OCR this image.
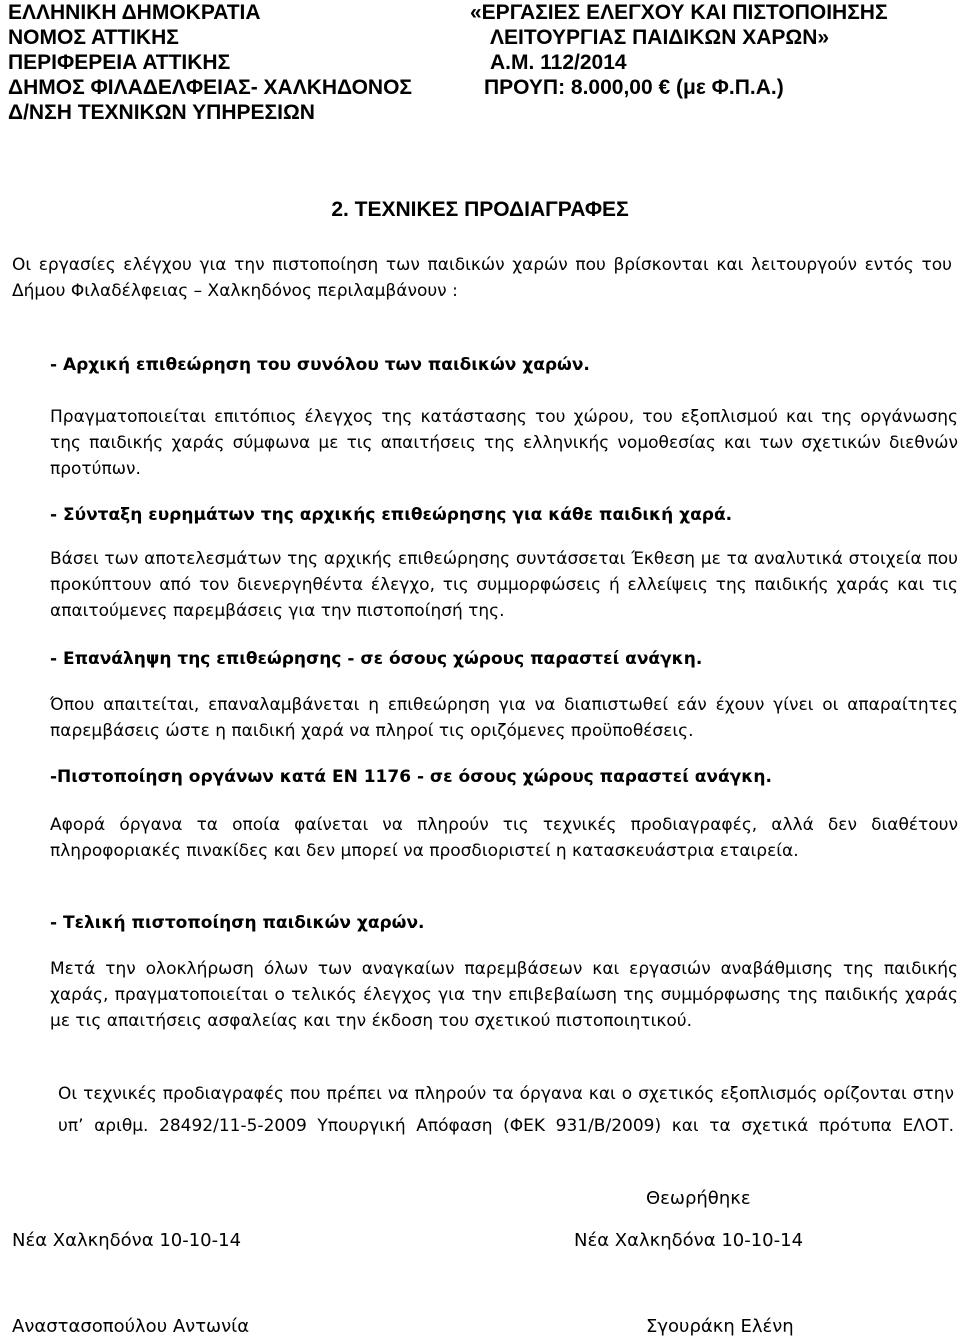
ΕΛΛΗΝΙΚΗ ΔΗΜΟΚΡΑΤΙΑ
ΝΟΜΟΣ ΑΤΤΙΚΗΣ
ΠΕΡΙΦΕΡΕΙΑ ΑΤΤΙΚΗΣ
ΔΗΜΟΣ ΦΙΛΑΔΕΛΦΕΙΑΣ- ΧΑΛΚΗΔΟΝΟΣ
Δ/ΝΣΗ ΤΕΧΝΙΚΩΝ ΥΠΗΡΕΣΙΩΝ
«ΕΡΓΑΣΙΕΣ ΕΛΕΓΧΟΥ ΚΑΙ ΠΙΣΤΟΠΟΙΗΣΗΣ
ΛΕΙΤΟΥΡΓΙΑΣ ΠΑΙΔΙΚΩΝ ΧΑΡΩΝ»
Α.Μ. 112/2014
ΠΡΟΥΠ: 8.000,00 € (με Φ.Π.Α.)
2. ΤΕΧΝΙΚΕΣ ΠΡΟΔΙΑΓΡΑΦΕΣ

Οι εργασίες ελέγχου για την πιστοποίηση των παιδικών χαρών που βρίσκονται και λειτουργούν εντός του Δήμου Φιλαδέλφειας – Χαλκηδόνος περιλαμβάνουν :

- Αρχική επιθεώρηση του συνόλου των παιδικών χαρών.

Πραγματοποιείται επιτόπιος έλεγχος της κατάστασης του χώρου, του εξοπλισμού και της οργάνωσης της παιδικής χαράς σύμφωνα με τις απαιτήσεις της ελληνικής νομοθεσίας και των σχετικών διεθνών προτύπων.

- Σύνταξη ευρημάτων της αρχικής επιθεώρησης για κάθε παιδική χαρά.

Βάσει των αποτελεσμάτων της αρχικής επιθεώρησης συντάσσεται Έκθεση με τα αναλυτικά στοιχεία που προκύπτουν από τον διενεργηθέντα έλεγχο, τις συμμορφώσεις ή ελλείψεις της παιδικής χαράς και τις απαιτούμενες παρεμβάσεις για την πιστοποίησή της.

- Επανάληψη της επιθεώρησης - σε όσους χώρους παραστεί ανάγκη.

Όπου απαιτείται, επαναλαμβάνεται η επιθεώρηση για να διαπιστωθεί εάν έχουν γίνει οι απαραίτητες παρεμβάσεις ώστε η παιδική χαρά να πληροί τις οριζόμενες προϋποθέσεις.

-Πιστοποίηση οργάνων κατά ΕΝ 1176 - σε όσους χώρους παραστεί ανάγκη.

Αφορά όργανα τα οποία φαίνεται να πληρούν τις τεχνικές προδιαγραφές, αλλά δεν διαθέτουν πληροφοριακές πινακίδες και δεν μπορεί να προσδιοριστεί η κατασκευάστρια εταιρεία.

- Τελική πιστοποίηση παιδικών χαρών.

Μετά την ολοκλήρωση όλων των αναγκαίων παρεμβάσεων και εργασιών αναβάθμισης της παιδικής χαράς, πραγματοποιείται ο τελικός έλεγχος για την επιβεβαίωση της συμμόρφωσης της παιδικής χαράς με τις απαιτήσεις ασφαλείας και την έκδοση του σχετικού πιστοποιητικού.

Οι τεχνικές προδιαγραφές που πρέπει να πληρούν τα όργανα και ο σχετικός εξοπλισμός ορίζονται στην υπ’ αριθμ. 28492/11-5-2009 Υπουργική Απόφαση (ΦΕΚ 931/Β/2009) και τα σχετικά πρότυπα ΕΛΟΤ.

Θεωρήθηκε
Νέα Χαλκηδόνα 10-10-14	Νέα Χαλκηδόνα 10-10-14
Αναστασοπούλου Αντωνία	Σγουράκη Ελένη
